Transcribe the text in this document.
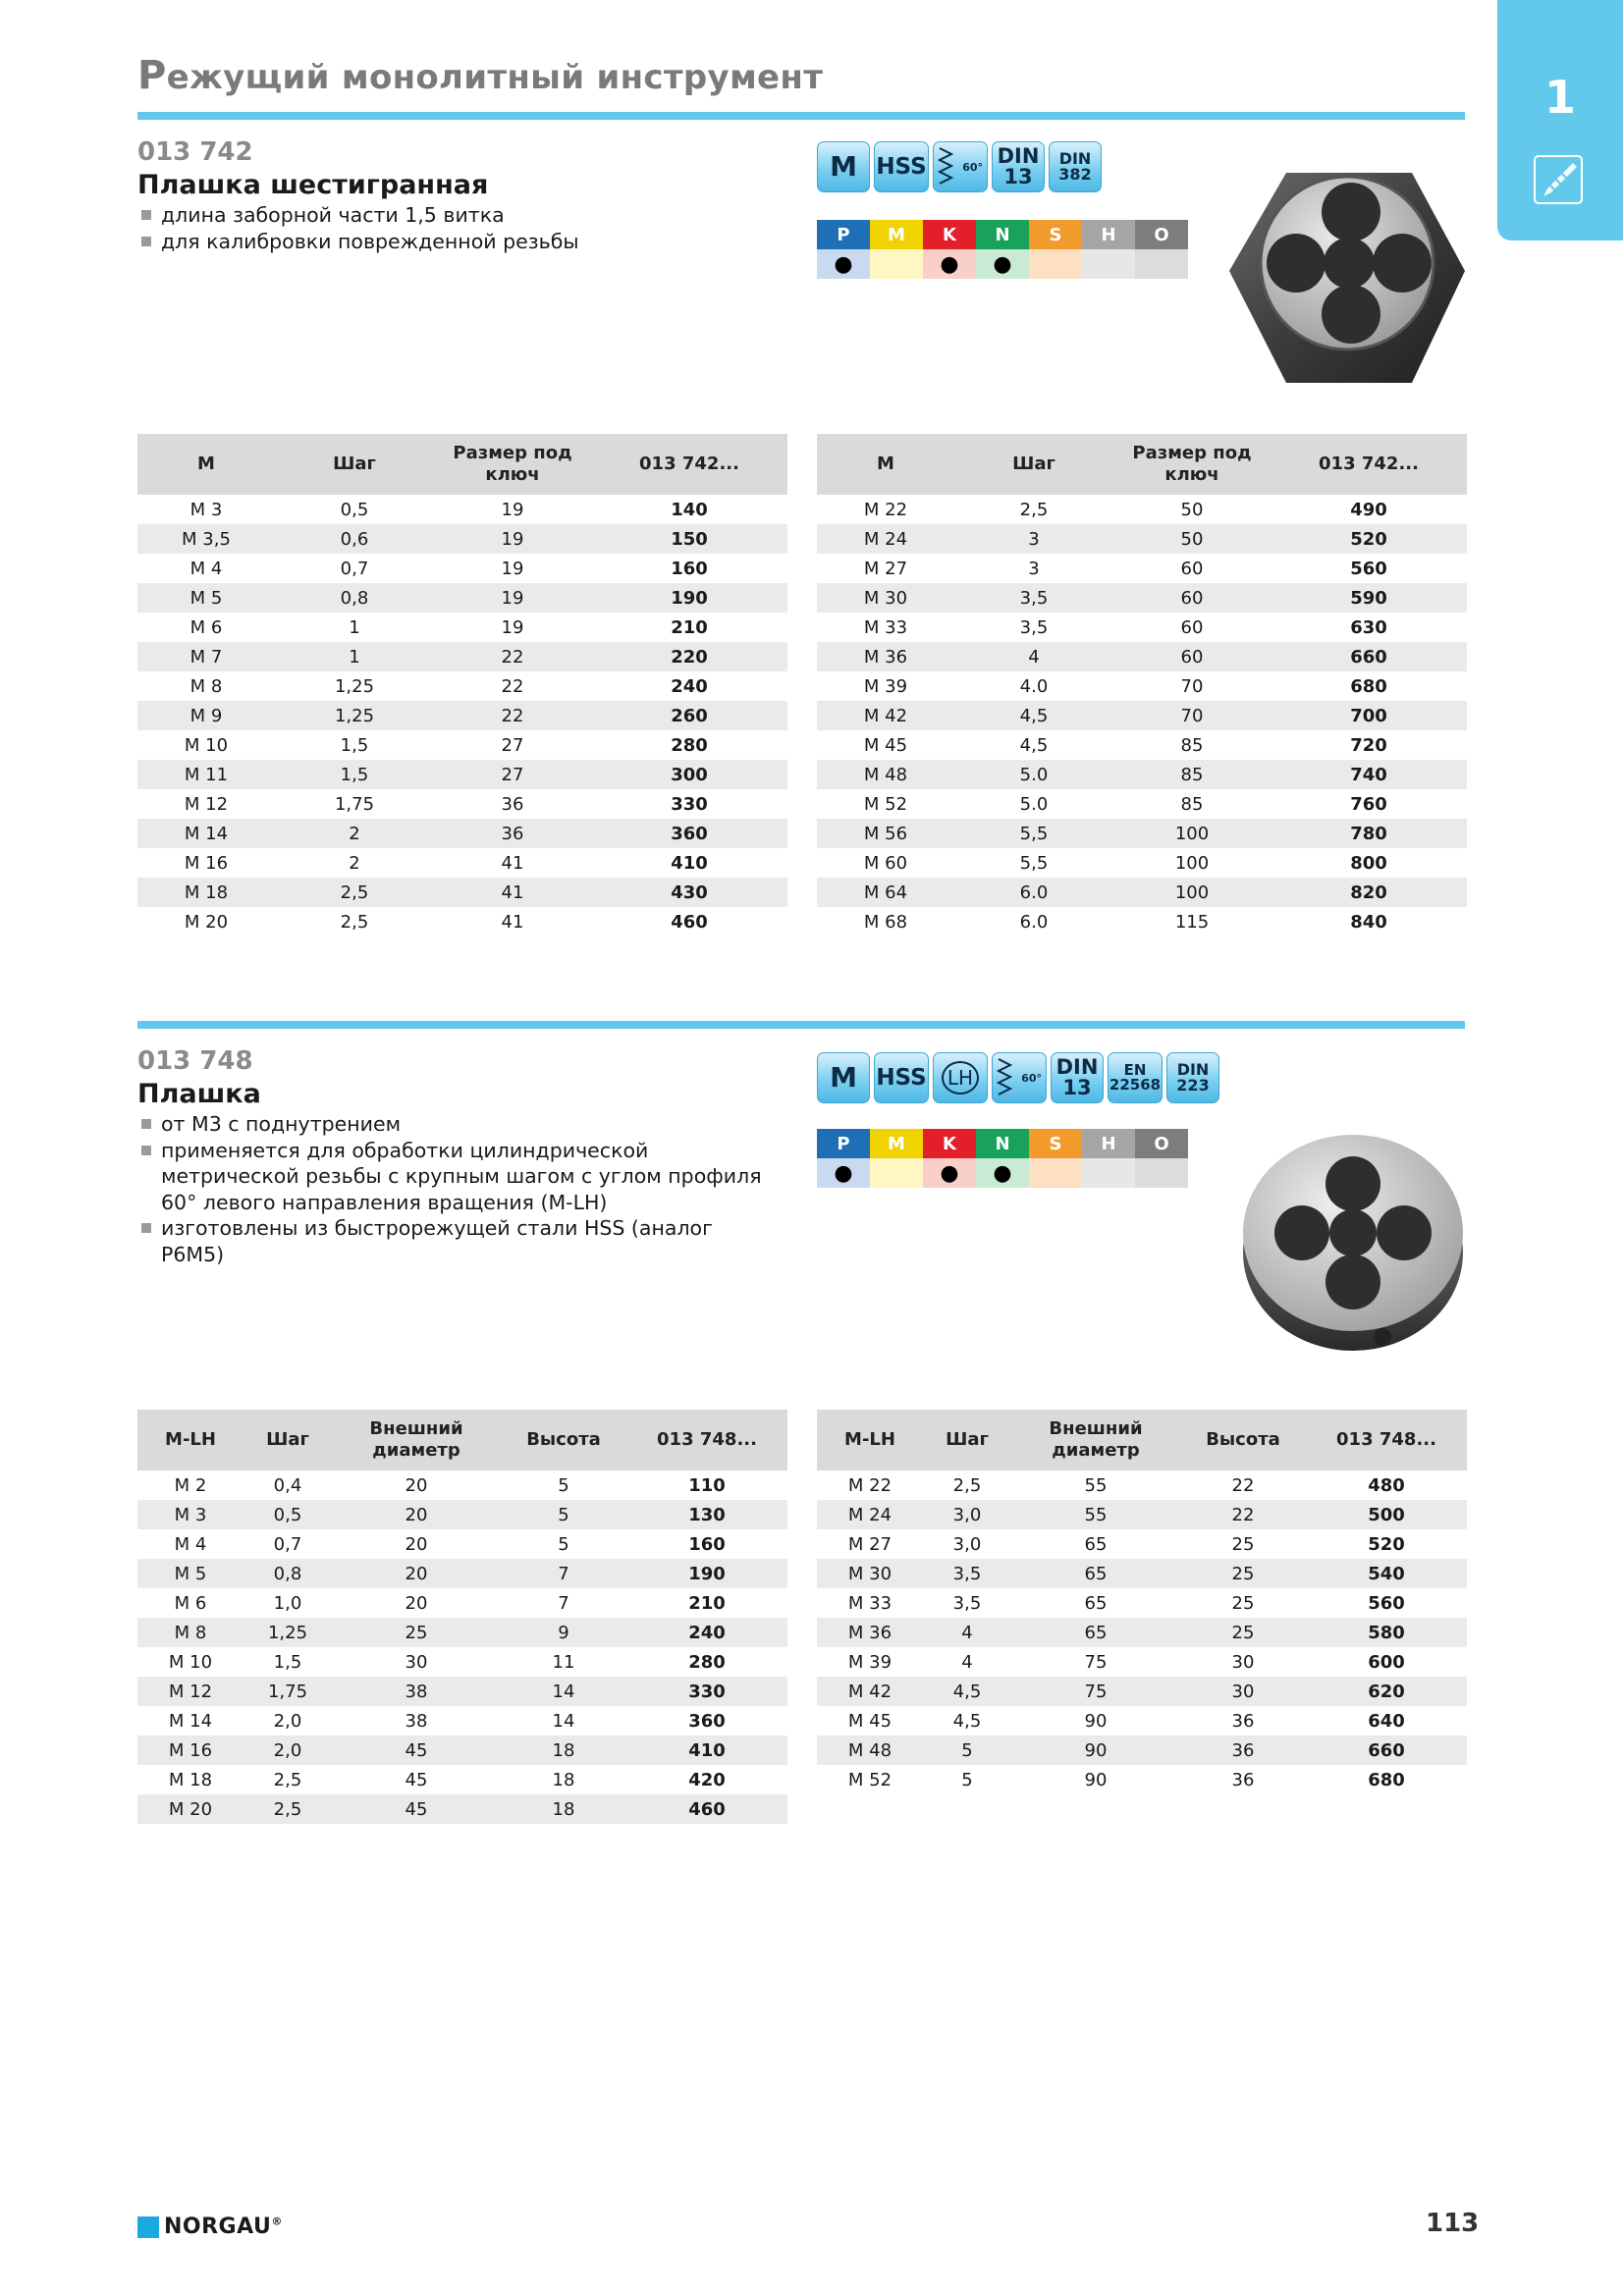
Режущий монолитный инструмент	1
013 742
Плашка шестигранная
длина заборной части 1,5 витка
для калибровки поврежденной резьбы
M HSS	60° DIN 13
DIN 382
P	M	K	N	S	H	O
●	●	●
M	Шаг	Размер под ключ	013 742...
M 3	0,5	19	140
M 3,5	0,6	19	150
M 4	0,7	19	160
M 5	0,8	19	190
M 6	1	19	210
M 7	1	22	220
M 8	1,25	22	240
M 9	1,25	22	260
M 10	1,5	27	280
M 11	1,5	27	300
M 12	1,75	36	330
M 14	2	36	360
M 16	2	41	410
M 18	2,5	41	430
M 20	2,5	41	460
M	Шаг	Размер под ключ	013 742...
M 22	2,5	50	490
M 24	3	50	520
M 27	3	60	560
M 30	3,5	60	590
M 33	3,5	60	630
M 36	4	60	660
M 39	4.0	70	680
M 42	4,5	70	700
M 45	4,5	85	720
M 48	5.0	85	740
M 52	5.0	85	760
M 56	5,5	100	780
M 60	5,5	100	800
M 64	6.0	100	820
M 68	6.0	115	840
013 748
Плашка
от М3 с поднутрением
применяется для обработки цилиндрической метрической резьбы с крупным шагом с углом профиля 60° левого направления вращения (M-LH)
изготовлены из быстрорежущей стали HSS (аналог Р6М5)
M HSS	LH	60° DIN 13
EN 22568
DIN 223
P	M	K	N	S	H	O
●	●	●
M-LH	Шаг	Внешний диаметр	Высота	013 748...
M 2	0,4	20	5	110
M 3	0,5	20	5	130
M 4	0,7	20	5	160
M 5	0,8	20	7	190
M 6	1,0	20	7	210
M 8	1,25	25	9	240
M 10	1,5	30	11	280
M 12	1,75	38	14	330
M 14	2,0	38	14	360
M 16	2,0	45	18	410
M 18	2,5	45	18	420
M 20	2,5	45	18	460
M-LH	Шаг	Внешний диаметр	Высота	013 748...
M 22	2,5	55	22	480
M 24	3,0	55	22	500
M 27	3,0	65	25	520
M 30	3,5	65	25	540
M 33	3,5	65	25	560
M 36	4	65	25	580
M 39	4	75	30	600
M 42	4,5	75	30	620
M 45	4,5	90	36	640
M 48	5	90	36	660
M 52	5	90	36	680
NORGAU®	113
